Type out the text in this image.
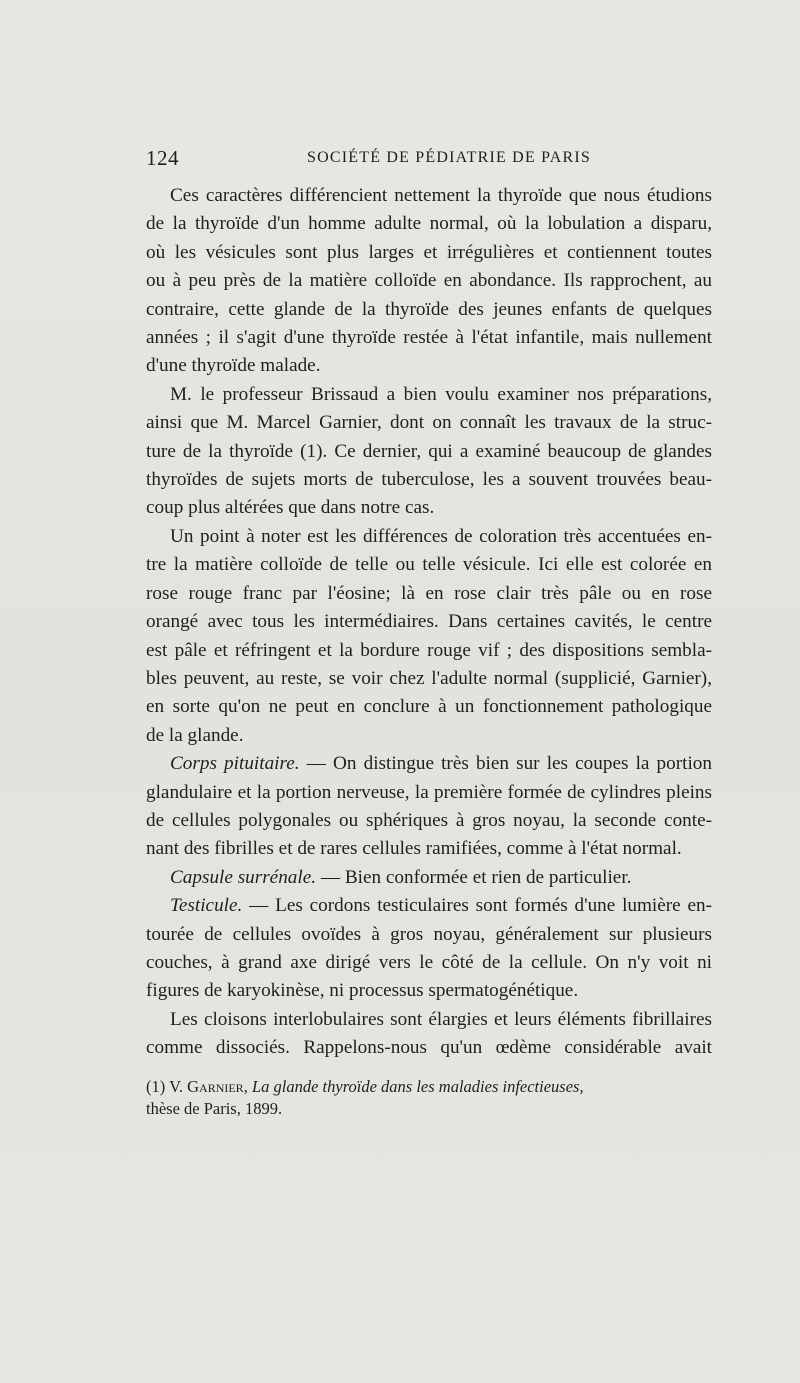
124	SOCIÉTÉ DE PÉDIATRIE DE PARIS

Ces caractères différencient nettement la thyroïde que nous étudions
de la thyroïde d'un homme adulte normal, où la lobulation a disparu,
où les vésicules sont plus larges et irrégulières et contiennent toutes
ou à peu près de la matière colloïde en abondance. Ils rapprochent, au
contraire, cette glande de la thyroïde des jeunes enfants de quelques
années ; il s'agit d'une thyroïde restée à l'état infantile, mais nullement
d'une thyroïde malade.

M. le professeur Brissaud a bien voulu examiner nos préparations,
ainsi que M. Marcel Garnier, dont on connaît les travaux de la struc-
ture de la thyroïde (1). Ce dernier, qui a examiné beaucoup de glandes
thyroïdes de sujets morts de tuberculose, les a souvent trouvées beau-
coup plus altérées que dans notre cas.

Un point à noter est les différences de coloration très accentuées en-
tre la matière colloïde de telle ou telle vésicule. Ici elle est colorée en
rose rouge franc par l'éosine; là en rose clair très pâle ou en rose
orangé avec tous les intermédiaires. Dans certaines cavités, le centre
est pâle et réfringent et la bordure rouge vif ; des dispositions sembla-
bles peuvent, au reste, se voir chez l'adulte normal (supplicié, Garnier),
en sorte qu'on ne peut en conclure à un fonctionnement pathologique
de la glande.

Corps pituitaire. — On distingue très bien sur les coupes la portion
glandulaire et la portion nerveuse, la première formée de cylindres pleins
de cellules polygonales ou sphériques à gros noyau, la seconde conte-
nant des fibrilles et de rares cellules ramifiées, comme à l'état normal.

Capsule surrénale. — Bien conformée et rien de particulier.

Testicule. — Les cordons testiculaires sont formés d'une lumière en-
tourée de cellules ovoïdes à gros noyau, généralement sur plusieurs
couches, à grand axe dirigé vers le côté de la cellule. On n'y voit ni
figures de karyokinèse, ni processus spermatogénétique.

Les cloisons interlobulaires sont élargies et leurs éléments fibrillaires
comme dissociés. Rappelons-nous qu'un œdème considérable avait

(1) V. Garnier, La glande thyroïde dans les maladies infectieuses,
thèse de Paris, 1899.
